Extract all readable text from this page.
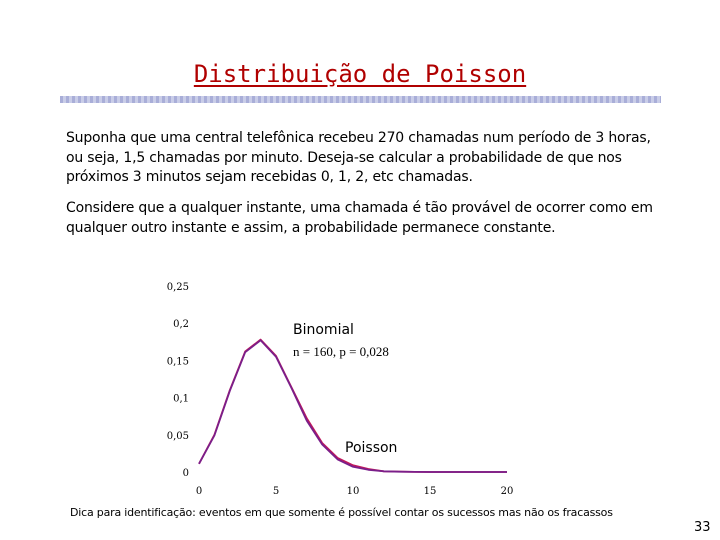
Distribuição de Poisson
Suponha que uma central telefônica recebeu 270 chamadas num período de 3 horas, ou seja, 1,5 chamadas por minuto. Deseja-se calcular a probabilidade de que nos próximos 3 minutos sejam recebidas 0, 1, 2, etc chamadas.
Considere que a qualquer instante, uma chamada é tão provável de ocorrer como em qualquer outro instante e assim, a probabilidade permanece constante.
0
0,05
0,1
0,15
0,2
0,25
0	5	10	15	20
Binomial
n = 160, p = 0,028
Poisson
Dica para identificação: eventos em que somente é possível contar os sucessos mas não os fracassos
33
